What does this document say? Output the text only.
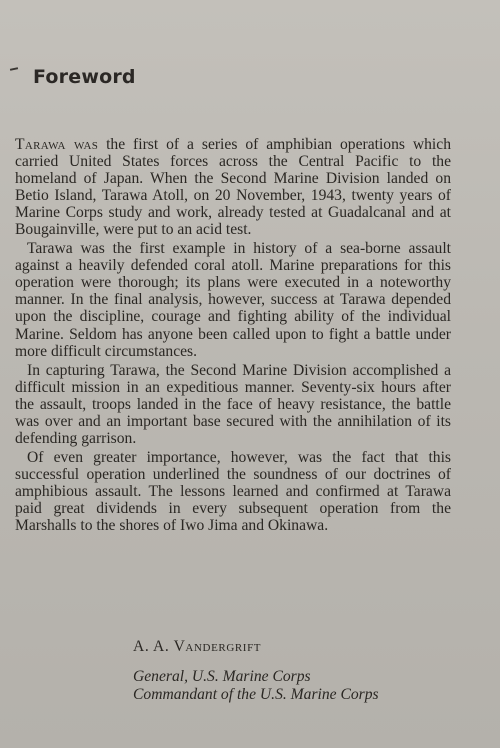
Foreword

Tarawa was the first of a series of amphibian operations which carried United States forces across the Central Pacific to the homeland of Japan. When the Second Marine Division landed on Betio Island, Tarawa Atoll, on 20 November, 1943, twenty years of Marine Corps study and work, already tested at Guadalcanal and at Bougainville, were put to an acid test.

Tarawa was the first example in history of a sea-borne assault against a heavily defended coral atoll. Marine preparations for this operation were thorough; its plans were executed in a noteworthy manner. In the final analysis, however, success at Tarawa depended upon the discipline, courage and fighting ability of the individual Marine. Seldom has anyone been called upon to fight a battle under more difficult circumstances.

In capturing Tarawa, the Second Marine Division accomplished a difficult mission in an expeditious manner. Seventy-six hours after the assault, troops landed in the face of heavy resistance, the battle was over and an important base secured with the annihilation of its defending garrison.

Of even greater importance, however, was the fact that this successful operation underlined the soundness of our doctrines of amphibious assault. The lessons learned and confirmed at Tarawa paid great dividends in every subsequent operation from the Marshalls to the shores of Iwo Jima and Okinawa.

A. A. Vandergrift

General, U.S. Marine Corps

Commandant of the U.S. Marine Corps
